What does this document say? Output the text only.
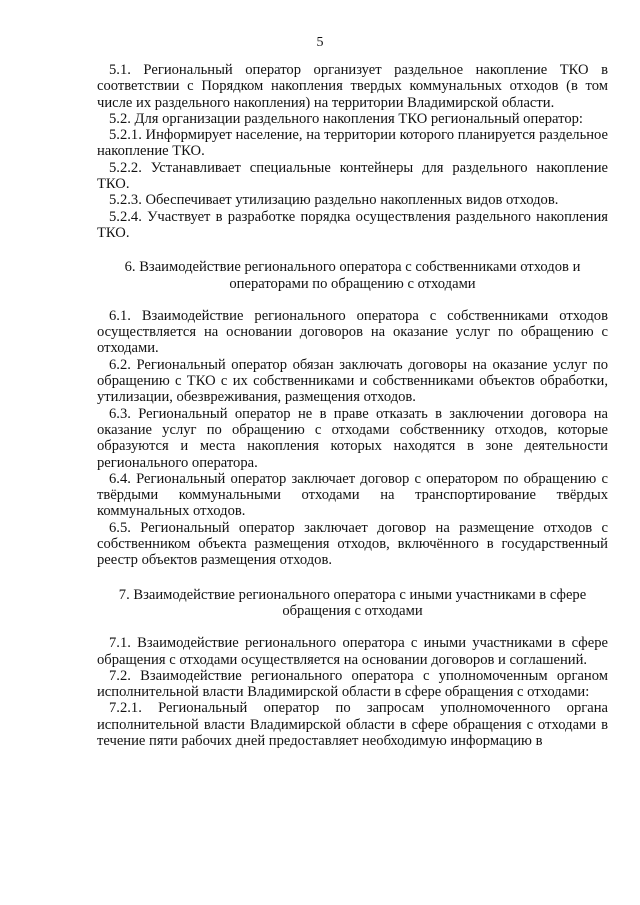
5

5.1. Региональный оператор организует раздельное накопление ТКО в соответствии с Порядком накопления твердых коммунальных отходов (в том числе их раздельного накопления) на территории Владимирской области.

5.2. Для организации раздельного накопления ТКО региональный оператор:

5.2.1. Информирует население, на территории которого планируется раздельное накопление ТКО.

5.2.2. Устанавливает специальные контейнеры для раздельного накопление ТКО.

5.2.3. Обеспечивает утилизацию раздельно накопленных видов отходов.

5.2.4. Участвует в разработке порядка осуществления раздельного накопления ТКО.

6. Взаимодействие регионального оператора с собственниками отходов и операторами по обращению с отходами

6.1. Взаимодействие регионального оператора с собственниками отходов осуществляется на основании договоров на оказание услуг по обращению с отходами.

6.2. Региональный оператор обязан заключать договоры на оказание услуг по обращению с ТКО с их собственниками и собственниками объектов обработки, утилизации, обезвреживания, размещения отходов.

6.3. Региональный оператор не в праве отказать в заключении договора на оказание услуг по обращению с отходами собственнику отходов, которые образуются и места накопления которых находятся в зоне деятельности регионального оператора.

6.4. Региональный оператор заключает договор с оператором по обращению с твёрдыми коммунальными отходами на транспортирование твёрдых коммунальных отходов.

6.5. Региональный оператор заключает договор на размещение отходов с собственником объекта размещения отходов, включённого в государственный реестр объектов размещения отходов.

7. Взаимодействие регионального оператора с иными участниками в сфере обращения с отходами

7.1. Взаимодействие регионального оператора с иными участниками в сфере обращения с отходами осуществляется на основании договоров и соглашений.

7.2. Взаимодействие регионального оператора с уполномоченным органом исполнительной власти Владимирской области в сфере обращения с отходами:

7.2.1. Региональный оператор по запросам уполномоченного органа исполнительной власти Владимирской области в сфере обращения с отходами в течение пяти рабочих дней предоставляет необходимую информацию в
